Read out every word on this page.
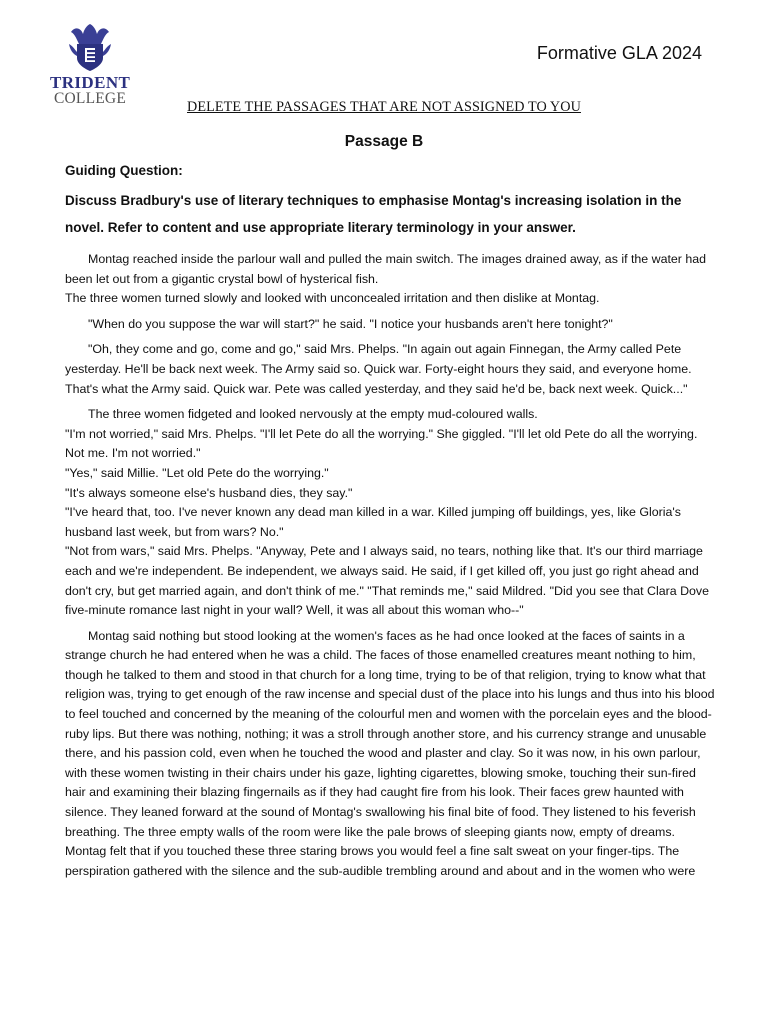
TRIDENT
COLLEGE
Formative GLA 2024
DELETE THE PASSAGES THAT ARE NOT ASSIGNED TO YOU
Passage B
Guiding Question:
Discuss Bradbury's use of literary techniques to emphasise Montag's increasing isolation in the novel. Refer to content and use appropriate literary terminology in your answer.

Montag reached inside the parlour wall and pulled the main switch. The images drained away, as if the water had been let out from a gigantic crystal bowl of hysterical fish.

The three women turned slowly and looked with unconcealed irritation and then dislike at Montag.

"When do you suppose the war will start?" he said. "I notice your husbands aren't here tonight?"

"Oh, they come and go, come and go," said Mrs. Phelps. "In again out again Finnegan, the Army called Pete yesterday. He'll be back next week. The Army said so. Quick war. Forty-eight hours they said, and everyone home. That's what the Army said. Quick war. Pete was called yesterday, and they said he'd be, back next week. Quick..."

The three women fidgeted and looked nervously at the empty mud-coloured walls.

"I'm not worried," said Mrs. Phelps. "I'll let Pete do all the worrying." She giggled. "I'll let old Pete do all the worrying. Not me. I'm not worried."

"Yes," said Millie. "Let old Pete do the worrying."

"It's always someone else's husband dies, they say."

"I've heard that, too. I've never known any dead man killed in a war. Killed jumping off buildings, yes, like Gloria's husband last week, but from wars? No."

"Not from wars," said Mrs. Phelps. "Anyway, Pete and I always said, no tears, nothing like that. It's our third marriage each and we're independent. Be independent, we always said. He said, if I get killed off, you just go right ahead and don't cry, but get married again, and don't think of me." "That reminds me," said Mildred. "Did you see that Clara Dove five-minute romance last night in your wall? Well, it was all about this woman who--"

Montag said nothing but stood looking at the women's faces as he had once looked at the faces of saints in a strange church he had entered when he was a child. The faces of those enamelled creatures meant nothing to him, though he talked to them and stood in that church for a long time, trying to be of that religion, trying to know what that religion was, trying to get enough of the raw incense and special dust of the place into his lungs and thus into his blood to feel touched and concerned by the meaning of the colourful men and women with the porcelain eyes and the blood-ruby lips. But there was nothing, nothing; it was a stroll through another store, and his currency strange and unusable there, and his passion cold, even when he touched the wood and plaster and clay. So it was now, in his own parlour, with these women twisting in their chairs under his gaze, lighting cigarettes, blowing smoke, touching their sun-fired hair and examining their blazing fingernails as if they had caught fire from his look. Their faces grew haunted with silence. They leaned forward at the sound of Montag's swallowing his final bite of food. They listened to his feverish breathing. The three empty walls of the room were like the pale brows of sleeping giants now, empty of dreams. Montag felt that if you touched these three staring brows you would feel a fine salt sweat on your finger-tips. The perspiration gathered with the silence and the sub-audible trembling around and about and in the women who were
